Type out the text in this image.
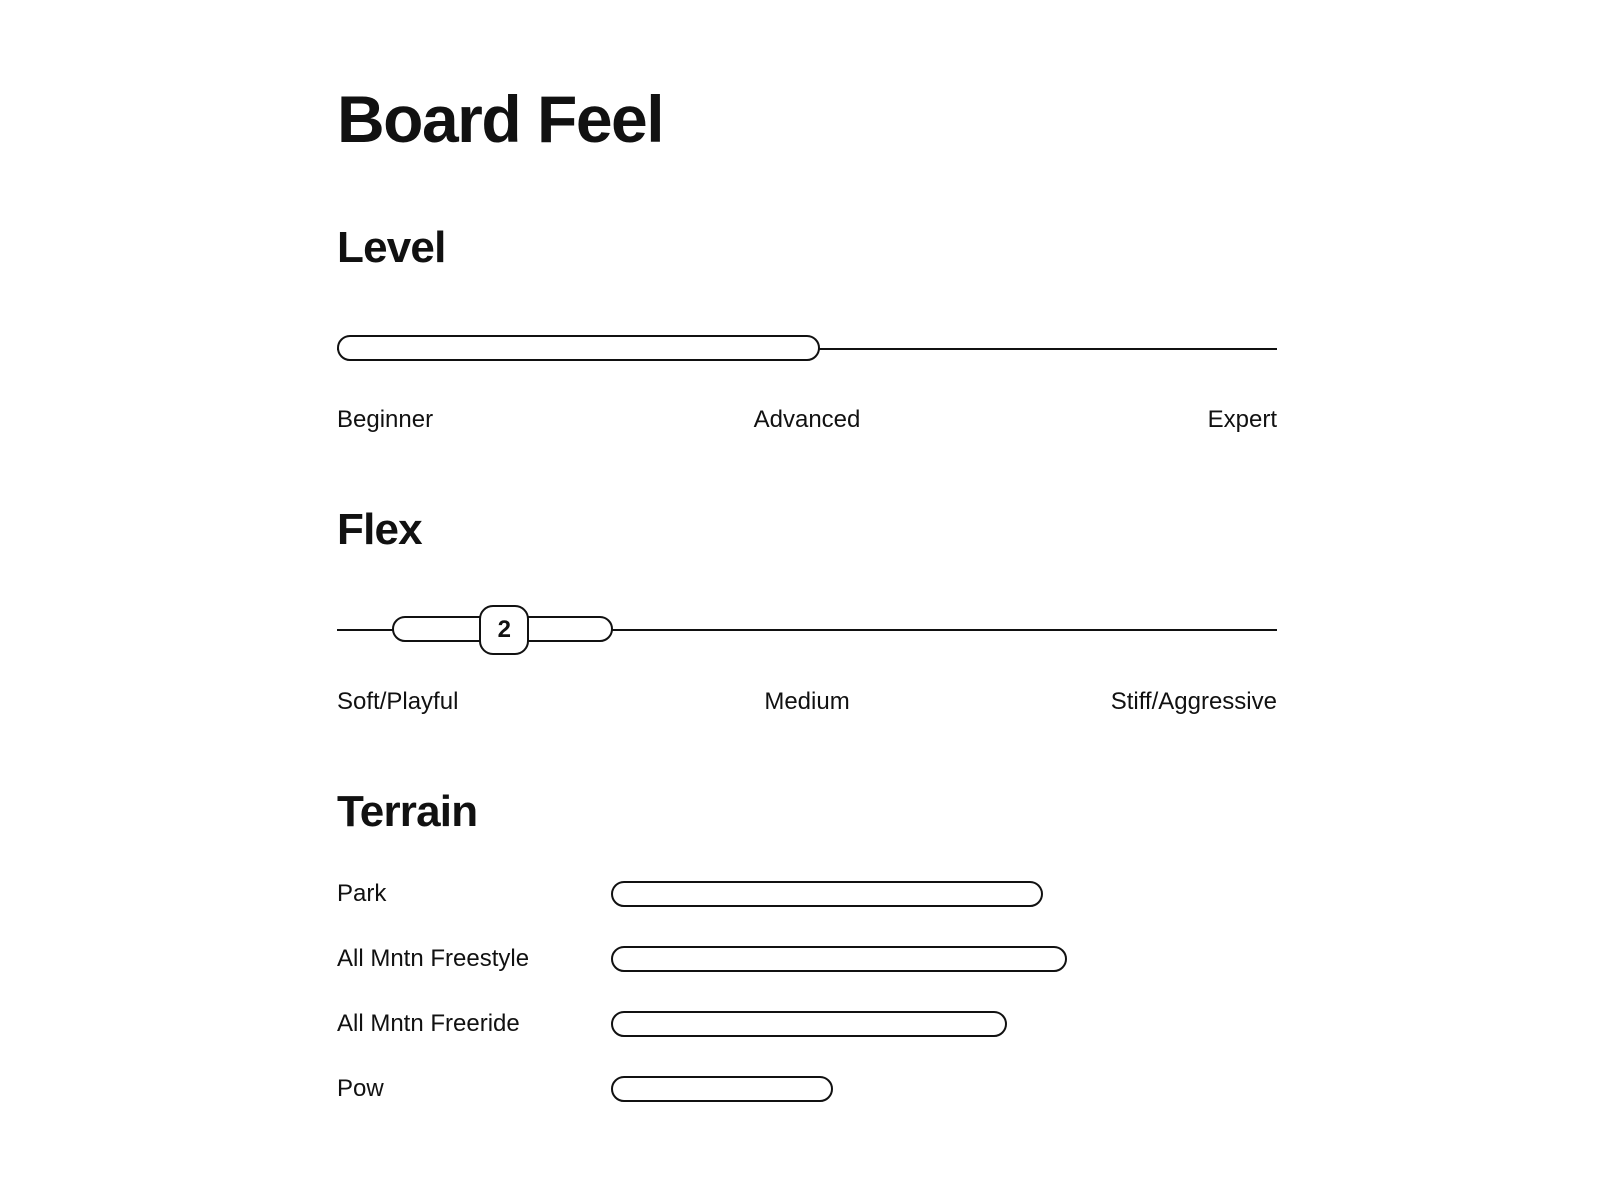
Board Feel
Level
Beginner	Advanced	Expert
Flex
2
Soft/Playful	Medium	Stiff/Aggressive
Terrain
Park
All Mntn Freestyle
All Mntn Freeride
Pow
